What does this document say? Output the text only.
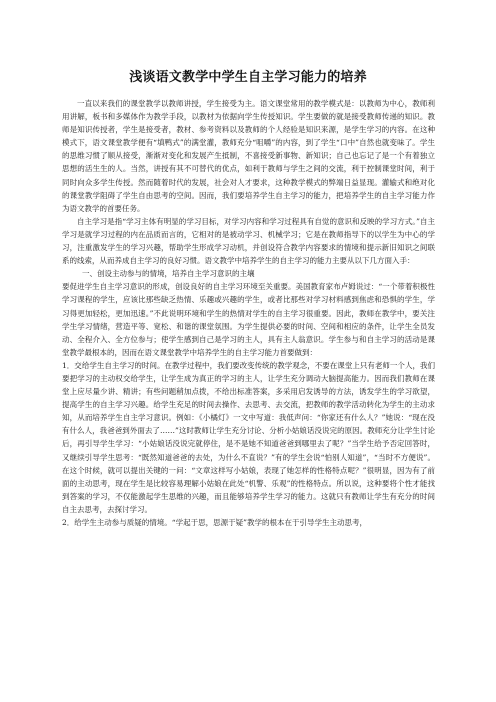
浅谈语文教学中学生自主学习能力的培养

一直以来我们的课堂教学以教师讲授，学生接受为主。语文课堂常用的教学模式是：以教师为中心，教师利用讲解，板书和多媒体作为教学手段，以教材为依据向学生传授知识。学生要做的就是接受教师传递的知识。教师是知识传授者，学生是接受者，教材、参考资料以及教师的个人经验是知识来源，是学生学习的内容。在这种模式下，语文课堂教学便有“填鸭式”的满堂灌，教师充分“咀嚼”的内容，到了学生“口中”自然也就变味了。学生的思维习惯了顺从接受，渐渐对变化和发展产生抵制，不喜接受新事物、新知识；自己也忘记了是一个有着独立思想的活生生的人。当然，讲授有其不可替代的优点，如利于教师与学生之间的交流，利于控制课堂时间，利于同时向众多学生传授。然而随着时代的发展，社会对人才要求，这种教学模式的弊端日益显现。灌输式和绝对化的课堂教学阻碍了学生自由思考的空间。因而，我们要培养学生自主学习的能力，把培养学生的自主学习能力作为语文教学的首要任务。

自主学习是指“学习主体有明显的学习目标，对学习内容和学习过程具有自觉的意识和反映的学习方式。”自主学习是就学习过程的内在品质而言的，它相对的是被动学习、机械学习；它是在教师指导下的以学生为中心的学习，注重激发学生的学习兴趣，帮助学生形成学习动机，并创设符合教学内容要求的情境和提示新旧知识之间联系的线索，从而养成自主学习的良好习惯。语文教学中培养学生的自主学习的能力主要从以下几方面入手：

一、创设主动参与的情境，培养自主学习意识的主壤

要促进学生自主学习意识的形成，创设良好的自主学习环境至关重要。美国教育家布卢姆说过：“一个带着积极性学习课程的学生，应该比那些缺乏热情、乐趣或兴趣的学生，或者比那些对学习材料感到焦虑和恐惧的学生，学习得更加轻松，更加迅速。”不此说明环境和学生的热情对学生的自主学习很重要。因此，教师在教学中，要关注学生学习情绪，营造平等、宽松、和谐的课堂氛围。为学生提供必要的时间、空间和相应的条件，让学生全员发动、全程介入、全方位参与；使学生感到自己是学习的主人，具有主人翁意识。学生参与和自主学习的活动是课堂教学最根本的，因而在语文课堂教学中培养学生的自主学习能力首要做到：

1．交给学生自主学习的时间。在教学过程中，我们要改变传统的教学观念，不要在课堂上只有老师一个人，我们要把学习的主动权交给学生，让学生成为真正的学习的主人，让学生充分调动大脑提高能力。因而我们教师在课堂上应尽量少讲、精讲；有些问题稍加点拨，不给出标准答案，多采用启发诱导的方法，诱发学生的学习欲望，提高学生的自主学习兴趣。给学生充足的时间去操作、去思考、去交流，把教师的教学活动转化为学生的主动求知，从而培养学生自主学习意识。例如：《小橘灯》一文中写道：我低声问：“你家还有什么人？”她说：“现在没有什么人，我爸爸到外面去了……”这时教师让学生充分讨论、分析小姑娘话没说完的原因。教师充分让学生讨论后，再引导学生学习：“小姑娘话没说完就停住，是不是她不知道爸爸到哪里去了呢？”当学生给予否定回答时，又继续引导学生思考：“既然知道爸爸的去处，为什么不直说？”有的学生会说“怕别人知道”，“当时不方便说”。在这个时候，就可以提出关键的一问：“文章这样写小姑娘，表现了她怎样的性格特点呢？”很明显，因为有了前面的主动思考，现在学生是比较容易理解小姑娘在此处“机警、乐观”的性格特点。所以说，这种要将个性才能找到答案的学习，不仅能激起学生思维的兴趣，而且能够培养学生学习的能力。这就只有教师让学生有充分的时间自主去思考，去探讨学习。

2．给学生主动参与质疑的情境。“学起于思，思源于疑”教学的根本在于引导学生主动思考，
